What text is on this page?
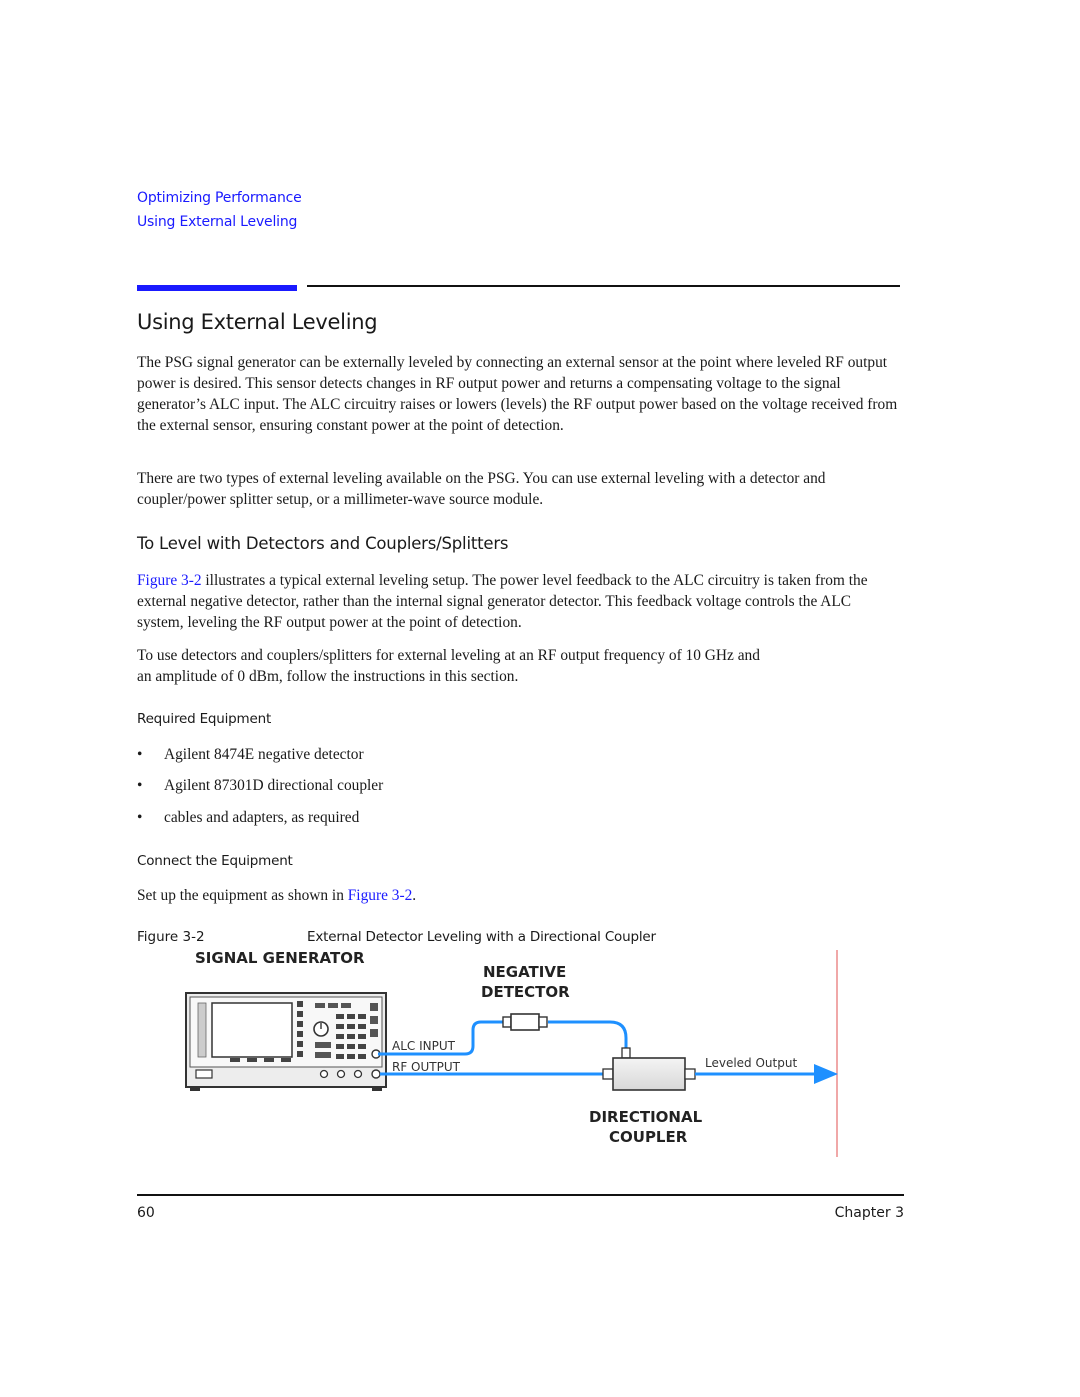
Optimizing Performance
Using External Leveling
Using External Leveling
The PSG signal generator can be externally leveled by connecting an external sensor at the point where leveled RF output power is desired. This sensor detects changes in RF output power and returns a compensating voltage to the signal generator’s ALC input. The ALC circuitry raises or lowers (levels) the RF output power based on the voltage received from the external sensor, ensuring constant power at the point of detection.
There are two types of external leveling available on the PSG. You can use external leveling with a detector and coupler/power splitter setup, or a millimeter-wave source module.
To Level with Detectors and Couplers/Splitters
Figure 3-2 illustrates a typical external leveling setup. The power level feedback to the ALC circuitry is taken from the external negative detector, rather than the internal signal generator detector. This feedback voltage controls the ALC system, leveling the RF output power at the point of detection.
To use detectors and couplers/splitters for external leveling at an RF output frequency of 10 GHz and an amplitude of 0 dBm, follow the instructions in this section.
Required Equipment
• Agilent 8474E negative detector
• Agilent 87301D directional coupler
• cables and adapters, as required
Connect the Equipment
Set up the equipment as shown in Figure 3-2.
Figure 3-2	External Detector Leveling with a Directional Coupler
SIGNAL GENERATOR
NEGATIVE
DETECTOR
ALC INPUT
RF OUTPUT	Leveled Output
DIRECTIONAL
COUPLER
60	Chapter 3
